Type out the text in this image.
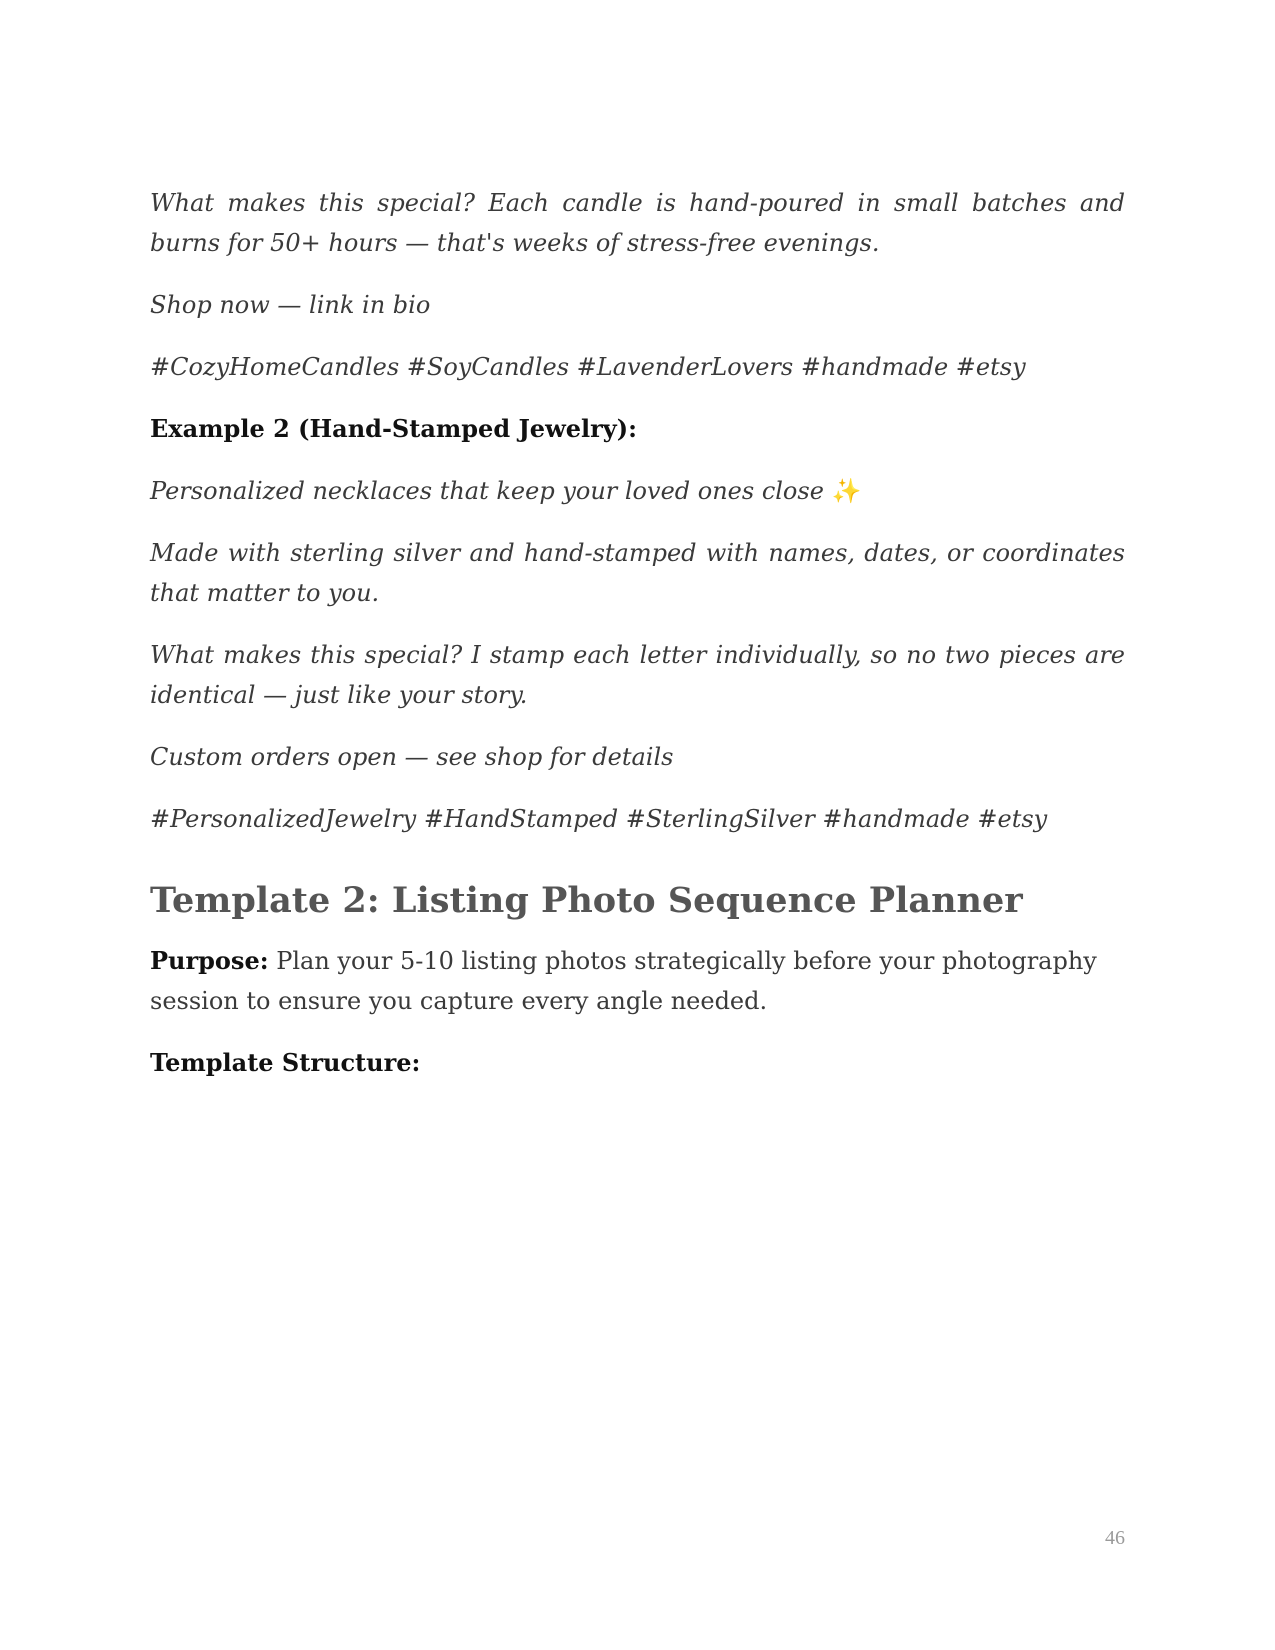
What makes this special? Each candle is hand-poured in small batches and burns for 50+ hours — that's weeks of stress-free evenings.

Shop now — link in bio

#CozyHomeCandles #SoyCandles #LavenderLovers #handmade #etsy

Example 2 (Hand-Stamped Jewelry):

Personalized necklaces that keep your loved ones close ✨

Made with sterling silver and hand-stamped with names, dates, or coordinates that matter to you.

What makes this special? I stamp each letter individually, so no two pieces are identical — just like your story.

Custom orders open — see shop for details

#PersonalizedJewelry #HandStamped #SterlingSilver #handmade #etsy

Template 2: Listing Photo Sequence Planner

Purpose: Plan your 5-10 listing photos strategically before your photography session to ensure you capture every angle needed.

Template Structure:

46
